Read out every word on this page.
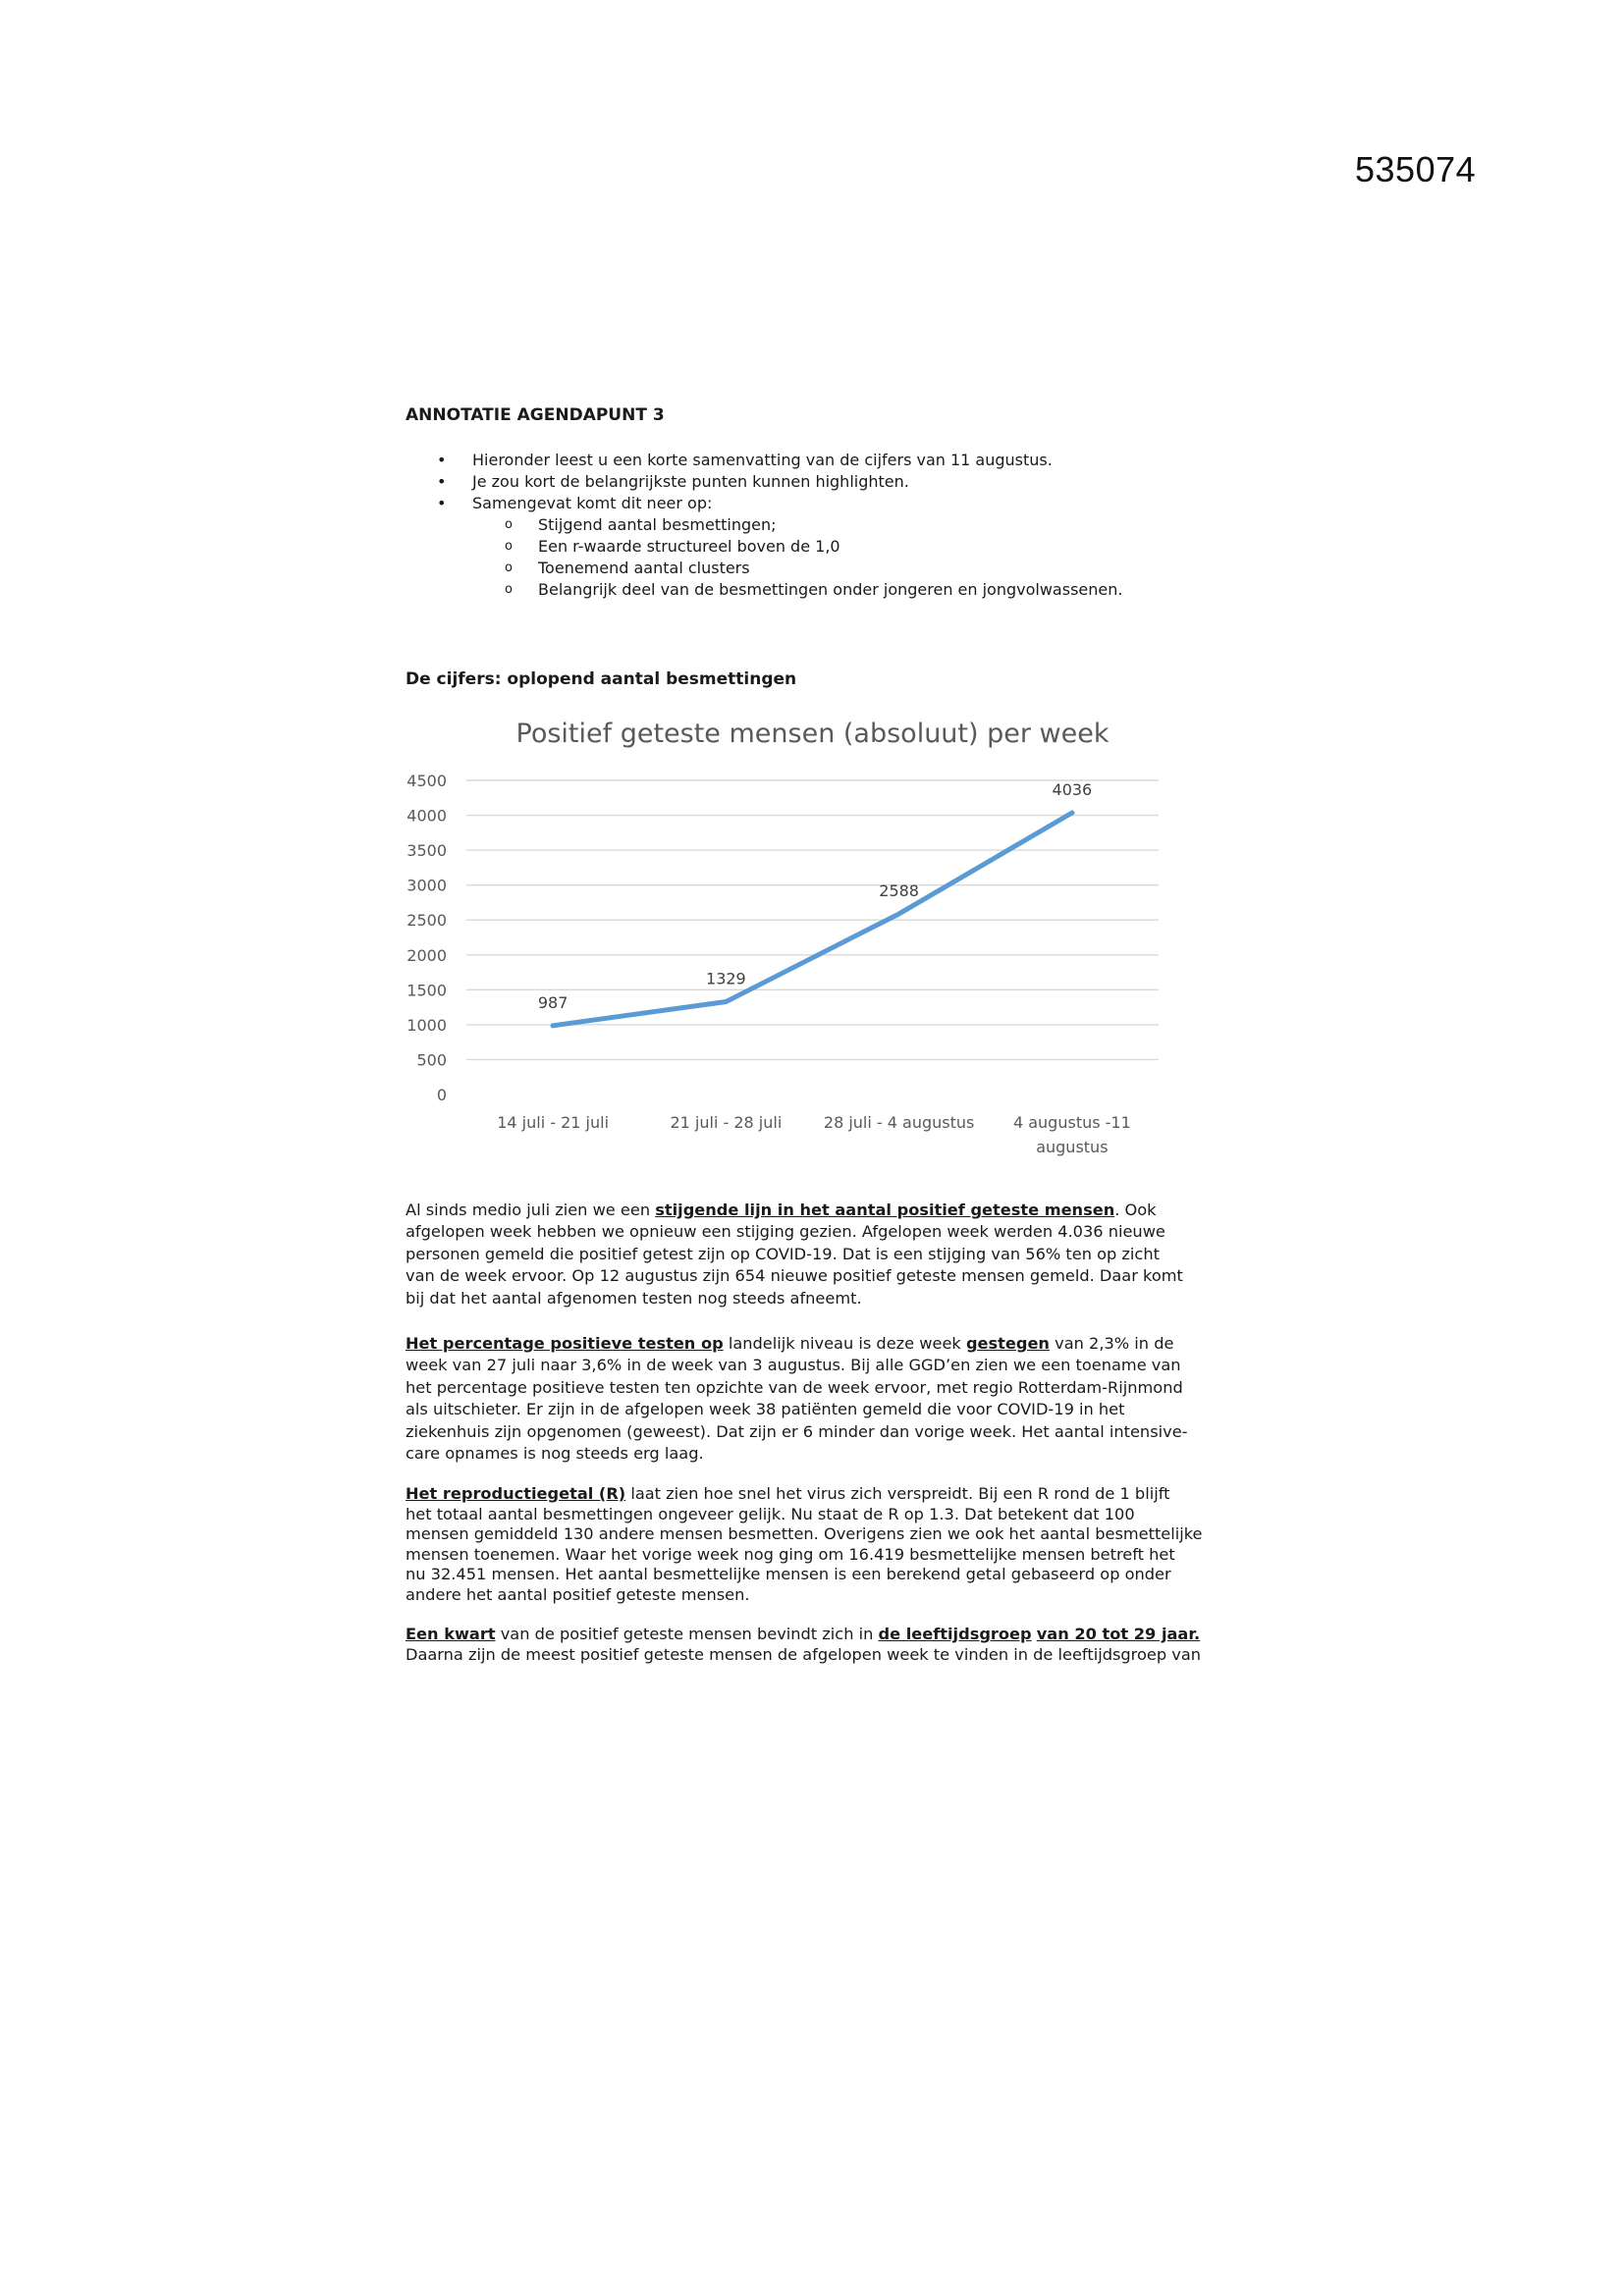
535074
ANNOTATIE AGENDAPUNT 3
• Hieronder leest u een korte samenvatting van de cijfers van 11 augustus.
• Je zou kort de belangrijkste punten kunnen highlighten.
• Samengevat komt dit neer op:
o Stijgend aantal besmettingen;
o Een r-waarde structureel boven de 1,0
o Toenemend aantal clusters
o Belangrijk deel van de besmettingen onder jongeren en jongvolwassenen.
De cijfers: oplopend aantal besmettingen
Positief geteste mensen (absoluut) per week
0
500
1000
1500
2000
2500
3000
3500
4000
4500
14 juli - 21 juli	21 juli - 28 juli	28 juli - 4 augustus 4 augustus -11
augustus
987
1329
2588
4036

Al sinds medio juli zien we een stijgende lijn in het aantal positief geteste mensen. Ook

afgelopen week hebben we opnieuw een stijging gezien. Afgelopen week werden 4.036 nieuwe

personen gemeld die positief getest zijn op COVID-19. Dat is een stijging van 56% ten op zicht

van de week ervoor. Op 12 augustus zijn 654 nieuwe positief geteste mensen gemeld. Daar komt

bij dat het aantal afgenomen testen nog steeds afneemt.

Het percentage positieve testen op landelijk niveau is deze week gestegen van 2,3% in de

week van 27 juli naar 3,6% in de week van 3 augustus. Bij alle GGD’en zien we een toename van

het percentage positieve testen ten opzichte van de week ervoor, met regio Rotterdam-Rijnmond

als uitschieter. Er zijn in de afgelopen week 38 patiënten gemeld die voor COVID-19 in het

ziekenhuis zijn opgenomen (geweest). Dat zijn er 6 minder dan vorige week. Het aantal intensive-

care opnames is nog steeds erg laag.

Het reproductiegetal (R) laat zien hoe snel het virus zich verspreidt. Bij een R rond de 1 blijft

het totaal aantal besmettingen ongeveer gelijk. Nu staat de R op 1.3. Dat betekent dat 100

mensen gemiddeld 130 andere mensen besmetten. Overigens zien we ook het aantal besmettelijke

mensen toenemen. Waar het vorige week nog ging om 16.419 besmettelijke mensen betreft het

nu 32.451 mensen. Het aantal besmettelijke mensen is een berekend getal gebaseerd op onder

andere het aantal positief geteste mensen.

Een kwart van de positief geteste mensen bevindt zich in de leeftijdsgroep van 20 tot 29 jaar.

Daarna zijn de meest positief geteste mensen de afgelopen week te vinden in de leeftijdsgroep van
